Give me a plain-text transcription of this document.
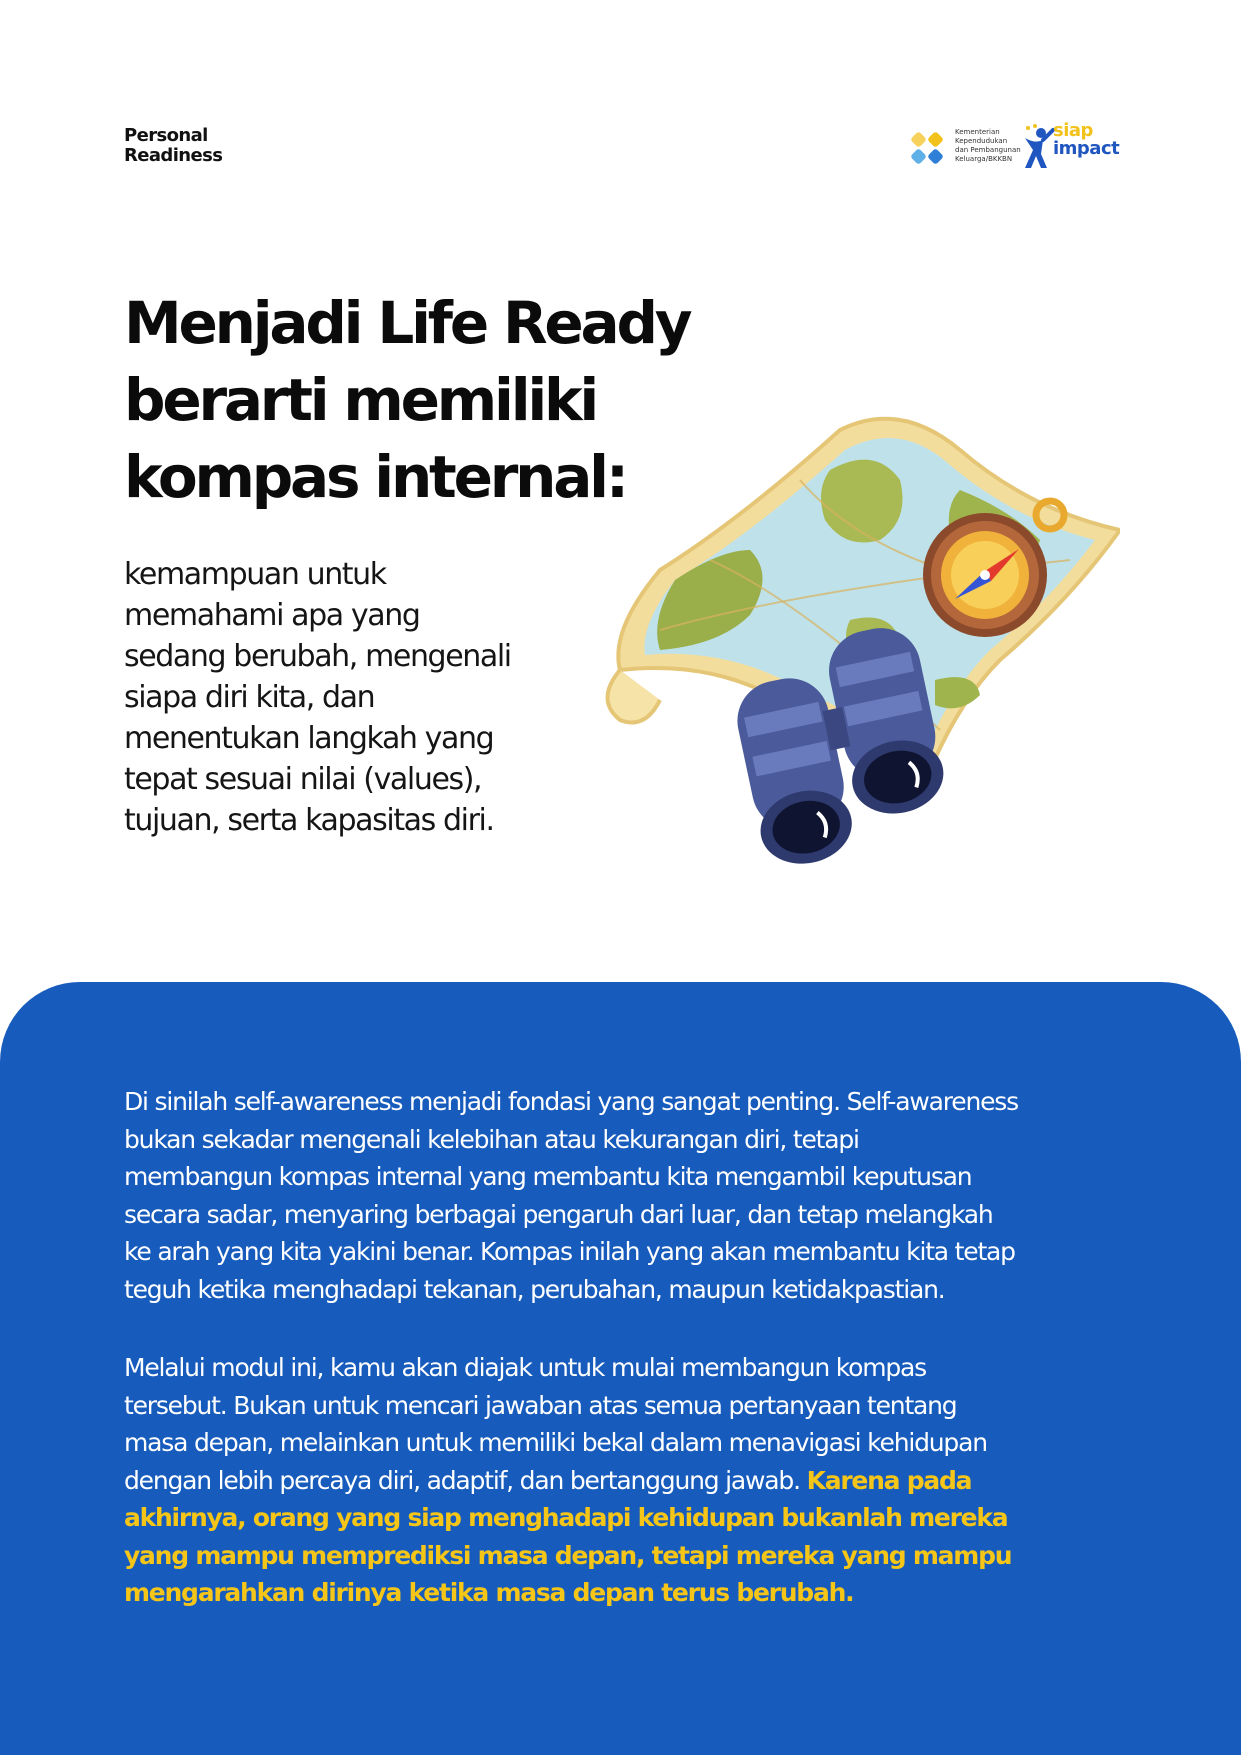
Personal
Readiness
Kementerian
Kependudukan
dan Pembangunan
Keluarga/BKKBN
siap
impact
Menjadi Life Ready
berarti memiliki
kompas internal:

kemampuan untuk
memahami apa yang
sedang berubah, mengenali
siapa diri kita, dan
menentukan langkah yang
tepat sesuai nilai (values),
tujuan, serta kapasitas diri.

Di sinilah self-awareness menjadi fondasi yang sangat penting. Self-awareness
bukan sekadar mengenali kelebihan atau kekurangan diri, tetapi
membangun kompas internal yang membantu kita mengambil keputusan
secara sadar, menyaring berbagai pengaruh dari luar, dan tetap melangkah
ke arah yang kita yakini benar. Kompas inilah yang akan membantu kita tetap
teguh ketika menghadapi tekanan, perubahan, maupun ketidakpastian.

Melalui modul ini, kamu akan diajak untuk mulai membangun kompas
tersebut. Bukan untuk mencari jawaban atas semua pertanyaan tentang
masa depan, melainkan untuk memiliki bekal dalam menavigasi kehidupan
dengan lebih percaya diri, adaptif, dan bertanggung jawab. Karena pada
akhirnya, orang yang siap menghadapi kehidupan bukanlah mereka
yang mampu memprediksi masa depan, tetapi mereka yang mampu
mengarahkan dirinya ketika masa depan terus berubah.
